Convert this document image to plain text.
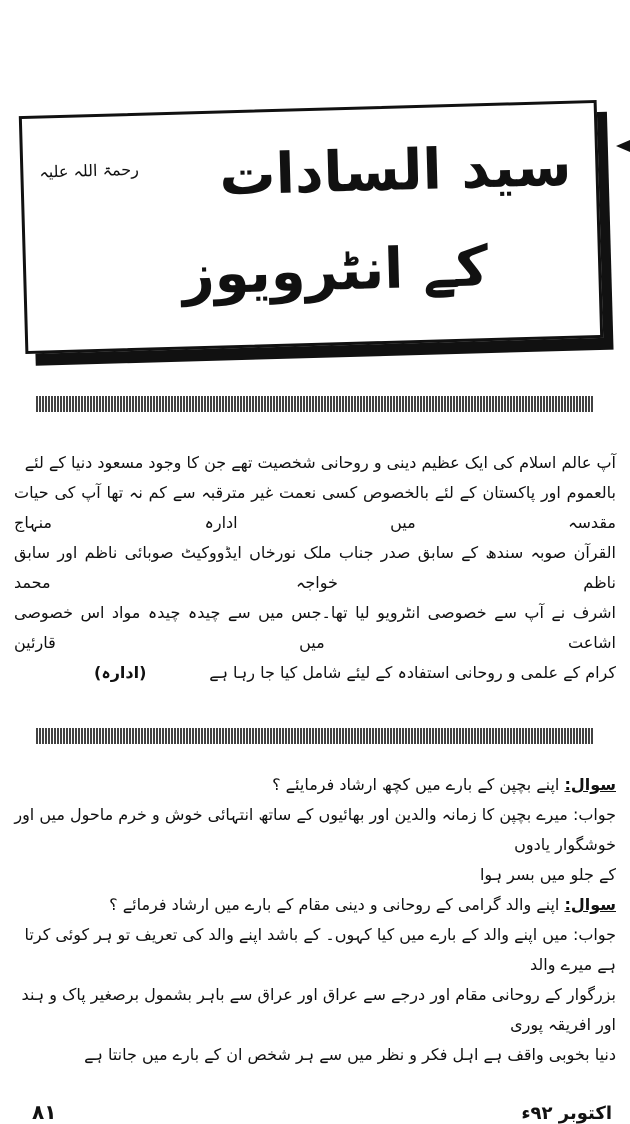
رحمۃ اللہ علیہ سید السادات
کے انٹرویوز
آپ عالم اسلام کی ایک عظیم دینی و روحانی شخصیت تھے جن کا وجود مسعود دنیا کے لئے
بالعموم اور پاکستان کے لئے بالخصوص کسی نعمت غیر مترقبہ سے کم نہ تھا آپ کی حیات مقدسہ میں ادارہ منہاج
القرآن صوبہ سندھ کے سابق صدر جناب ملک نورخاں ایڈووکیٹ صوبائی ناظم اور سابق ناظم خواجہ محمد
اشرف نے آپ سے خصوصی انٹرویو لیا تھا۔جس میں سے چیدہ چیدہ مواد اس خصوصی اشاعت میں قارئین
کرام کے علمی و روحانی استفادہ کے لیئے شامل کیا جا رہا ہے
(ادارہ)
سوال: اپنے بچپن کے بارے میں کچھ ارشاد فرمایئے ؟
جواب: میرے بچپن کا زمانہ والدین اور بھائیوں کے ساتھ انتہائی خوش و خرم ماحول میں اور خوشگوار یادوں
کے جلو میں بسر ہوا
سوال: اپنے والد گرامی کے روحانی و دینی مقام کے بارے میں ارشاد فرمائے ؟
جواب: میں اپنے والد کے بارے میں کیا کہوں۔ کے باشد اپنے والد کی تعریف تو ہر کوئی کرتا ہے میرے والد
بزرگوار کے روحانی مقام اور درجے سے عراق اور عراق سے باہر بشمول برصغیر پاک و ہند اور افریقہ پوری
دنیا بخوبی واقف ہے اہل فکر و نظر میں سے ہر شخص ان کے بارے میں جانتا ہے
۸۱	اکتوبر ۹۲ء
